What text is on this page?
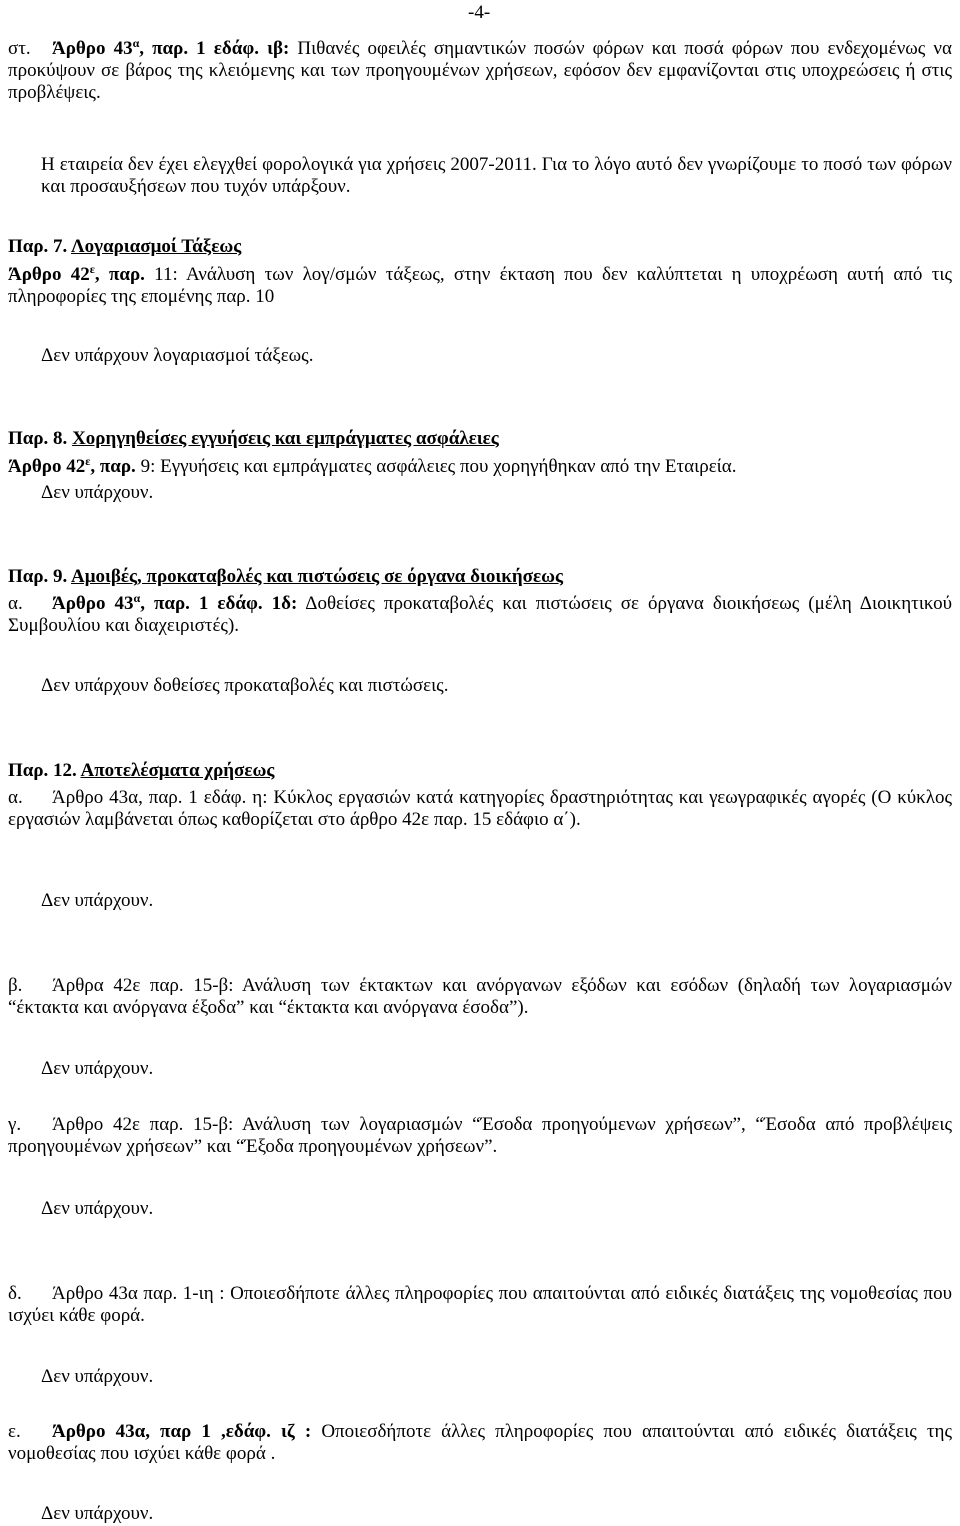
-4-
στ. Άρθρο $43^\alpha$, παρ. 1 εδάφ. ιβ: Πιθανές οφειλές σημαντικών ποσών φόρων και ποσά φόρων που ενδεχομένως να προκύψουν σε βάρος της κλειόμενης και των προηγουμένων χρήσεων, εφόσον δεν εμφανίζονται στις υποχρεώσεις ή στις προβλέψεις.
Η εταιρεία δεν έχει ελεγχθεί φορολογικά για χρήσεις 2007-2011. Για το λόγο αυτό δεν γνωρίζουμε το ποσό των φόρων και προσαυξήσεων που τυχόν υπάρξουν.
Παρ. 7. Λογαριασμοί Τάξεως
Άρθρο $42^\varepsilon$, παρ. 11: Ανάλυση των λογ/σμών τάξεως, στην έκταση που δεν καλύπτεται η υποχρέωση αυτή από τις πληροφορίες της επομένης παρ. 10
Δεν υπάρχουν λογαριασμοί τάξεως.
Παρ. 8. Χορηγηθείσες εγγυήσεις και εμπράγματες ασφάλειες
Άρθρο $42^\varepsilon$, παρ. 9: Εγγυήσεις και εμπράγματες ασφάλειες που χορηγήθηκαν από την Εταιρεία.
Δεν υπάρχουν.
Παρ. 9. Αμοιβές, προκαταβολές και πιστώσεις σε όργανα διοικήσεως
α. Άρθρο $43^\alpha$, παρ. 1 εδάφ. 1δ: Δοθείσες προκαταβολές και πιστώσεις σε όργανα διοικήσεως (μέλη Διοικητικού Συμβουλίου και διαχειριστές).
Δεν υπάρχουν δοθείσες προκαταβολές και πιστώσεις.
Παρ. 12. Αποτελέσματα χρήσεως
α. Άρθρο 43α, παρ. 1 εδάφ. η: Κύκλος εργασιών κατά κατηγορίες δραστηριότητας και γεωγραφικές αγορές (Ο κύκλος εργασιών λαμβάνεται όπως καθορίζεται στο άρθρο 42ε παρ. 15 εδάφιο α΄).
Δεν υπάρχουν.
β. Άρθρα 42ε παρ. 15-β: Ανάλυση των έκτακτων και ανόργανων εξόδων και εσόδων (δηλαδή των λογαριασμών “έκτακτα και ανόργανα έξοδα” και “έκτακτα και ανόργανα έσοδα”).
Δεν υπάρχουν.
γ. Άρθρο 42ε παρ. 15-β: Ανάλυση των λογαριασμών “Έσοδα προηγούμενων χρήσεων”, “Έσοδα από προβλέψεις προηγουμένων χρήσεων” και “Έξοδα προηγουμένων χρήσεων”.
Δεν υπάρχουν.
δ. Άρθρο 43α παρ. 1-ιη : Οποιεσδήποτε άλλες πληροφορίες που απαιτούνται από ειδικές διατάξεις της νομοθεσίας που ισχύει κάθε φορά.
Δεν υπάρχουν.
ε. Άρθρο 43α, παρ 1 ,εδάφ. ιζ : Οποιεσδήποτε άλλες πληροφορίες που απαιτούνται από ειδικές διατάξεις της νομοθεσίας που ισχύει κάθε φορά .
Δεν υπάρχουν.
